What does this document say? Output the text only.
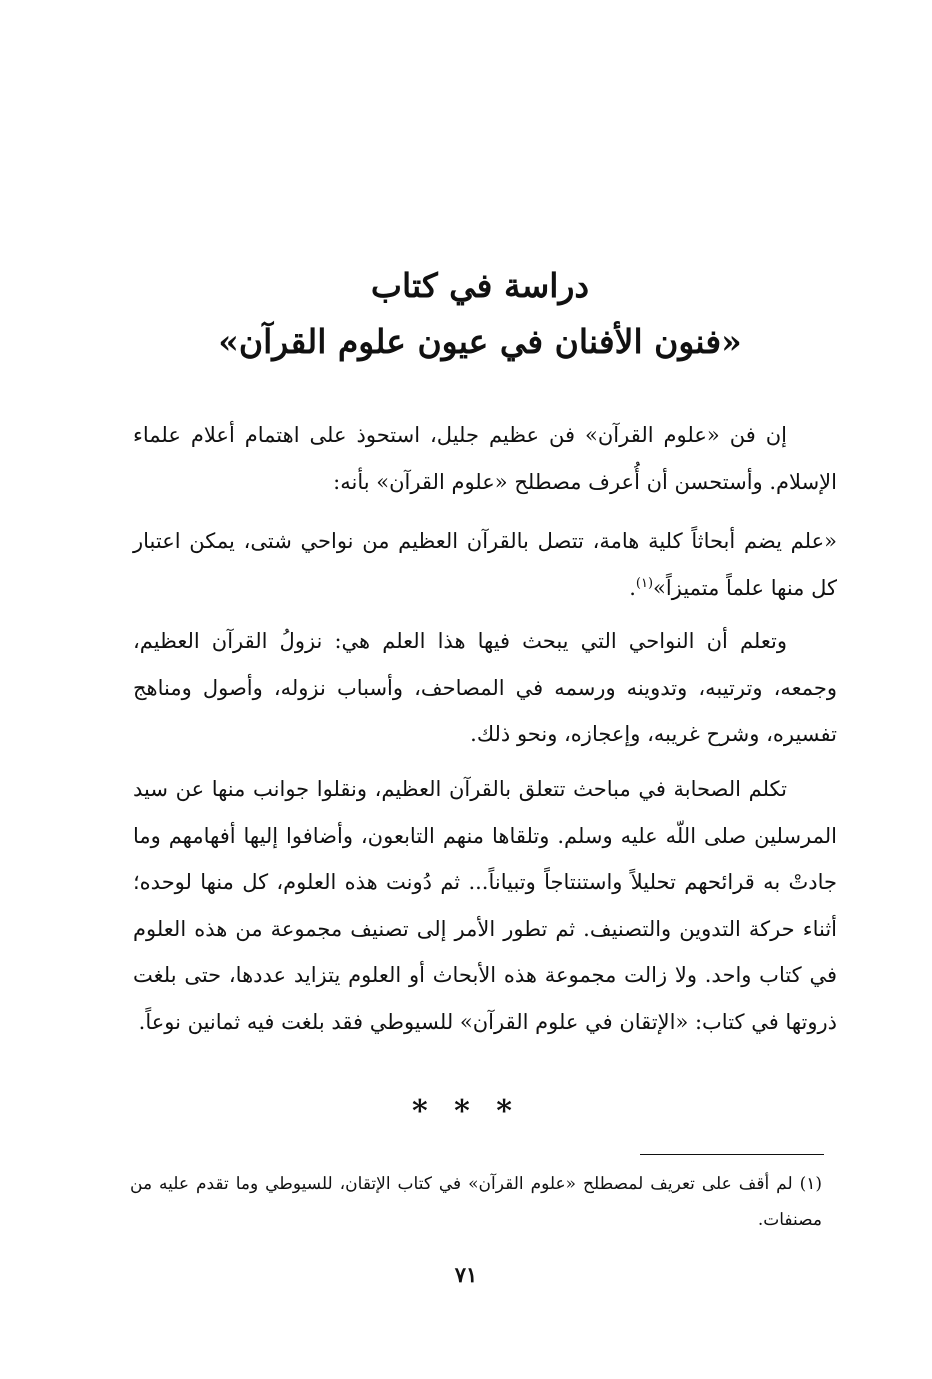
دراسة في كتاب
«فنون الأفنان في عيون علوم القرآن»
إن فن «علوم القرآن» فن عظيم جليل، استحوذ على اهتمام أعلام علماء الإسلام. وأستحسن أن أُعرف مصطلح «علوم القرآن» بأنه:
«علم يضم أبحاثاً كلية هامة، تتصل بالقرآن العظيم من نواحي شتى، يمكن اعتبار كل منها علماً متميزاً»$^{(١)}$.
وتعلم أن النواحي التي يبحث فيها هذا العلم هي: نزولُ القرآن العظيم، وجمعه، وترتيبه، وتدوينه ورسمه في المصاحف، وأسباب نزوله، وأصول ومناهج تفسيره، وشرح غريبه، وإعجازه، ونحو ذلك.
تكلم الصحابة في مباحث تتعلق بالقرآن العظيم، ونقلوا جوانب منها عن سيد المرسلين صلى اللّه عليه وسلم. وتلقاها منهم التابعون، وأضافوا إليها أفهامهم وما جادتْ به قرائحهم تحليلاً واستنتاجاً وتبياناً... ثم دُونت هذه العلوم، كل منها لوحده؛ أثناء حركة التدوين والتصنيف. ثم تطور الأمر إلى تصنيف مجموعة من هذه العلوم في كتاب واحد. ولا زالت مجموعة هذه الأبحاث أو العلوم يتزايد عددها، حتى بلغت ذروتها في كتاب: «الإتقان في علوم القرآن» للسيوطي فقد بلغت فيه ثمانين نوعاً.
* * *
(١) لم أقف على تعريف لمصطلح «علوم القرآن» في كتاب الإتقان، للسيوطي وما تقدم عليه من مصنفات.
٧١
